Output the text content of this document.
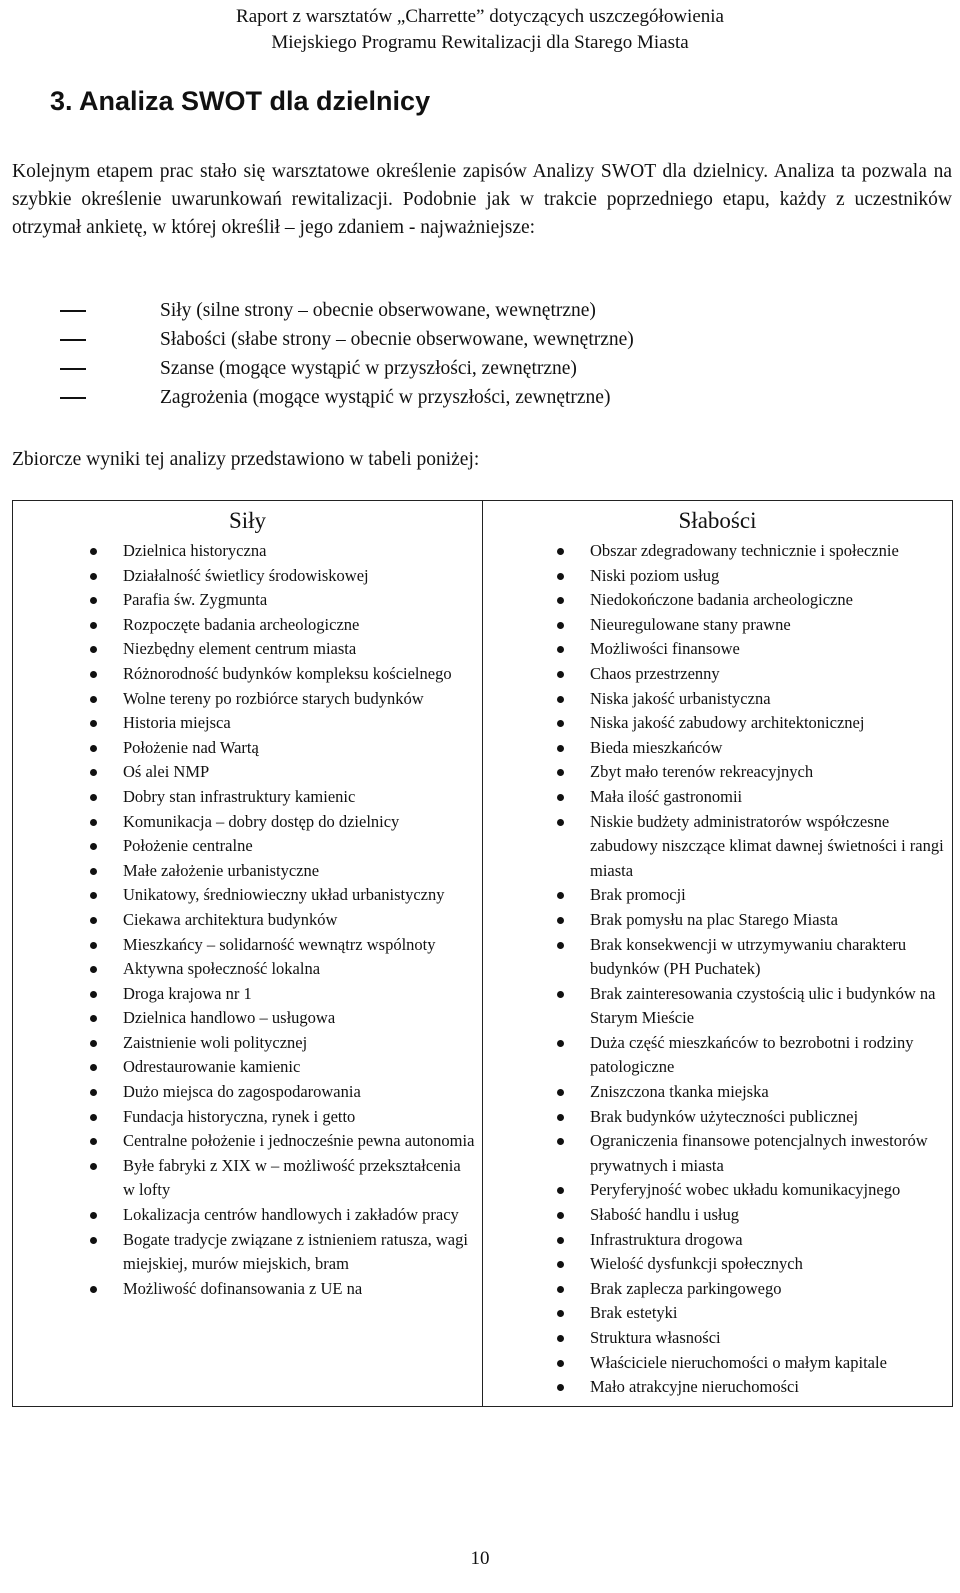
Raport z warsztatów „Charrette” dotyczących uszczegółowienia
Miejskiego Programu Rewitalizacji dla Starego Miasta
3. Analiza SWOT dla dzielnicy

Kolejnym etapem prac stało się warsztatowe określenie zapisów Analizy SWOT dla dzielnicy. Analiza ta pozwala na szybkie określenie uwarunkowań rewitalizacji. Podobnie jak w trakcie poprzedniego etapu, każdy z uczestników otrzymał ankietę, w której określił – jego zdaniem - najważniejsze:

Siły (silne strony – obecnie obserwowane, wewnętrzne)
Słabości (słabe strony – obecnie obserwowane, wewnętrzne)
Szanse (mogące wystąpić w przyszłości, zewnętrzne)
Zagrożenia (mogące wystąpić w przyszłości, zewnętrzne)

Zbiorcze wyniki tej analizy przedstawiono w tabeli poniżej:

Siły
Dzielnica historyczna
Działalność świetlicy środowiskowej
Parafia św. Zygmunta
Rozpoczęte badania archeologiczne
Niezbędny element centrum miasta
Różnorodność budynków kompleksu kościelnego
Wolne tereny po rozbiórce starych budynków
Historia miejsca
Położenie nad Wartą
Oś alei NMP
Dobry stan infrastruktury kamienic
Komunikacja – dobry dostęp do dzielnicy
Położenie centralne
Małe założenie urbanistyczne
Unikatowy, średniowieczny układ urbanistyczny
Ciekawa architektura budynków
Mieszkańcy – solidarność wewnątrz wspólnoty
Aktywna społeczność lokalna
Droga krajowa nr 1
Dzielnica handlowo – usługowa
Zaistnienie woli politycznej
Odrestaurowanie kamienic
Dużo miejsca do zagospodarowania
Fundacja historyczna, rynek i getto
Centralne położenie i jednocześnie pewna autonomia
Byłe fabryki z XIX w – możliwość przekształcenia w lofty
Lokalizacja centrów handlowych i zakładów pracy
Bogate tradycje związane z istnieniem ratusza, wagi miejskiej, murów miejskich, bram
Możliwość dofinansowania z UE na

Słabości
Obszar zdegradowany technicznie i społecznie
Niski poziom usług
Niedokończone badania archeologiczne
Nieuregulowane stany prawne
Możliwości finansowe
Chaos przestrzenny
Niska jakość urbanistyczna
Niska jakość zabudowy architektonicznej
Bieda mieszkańców
Zbyt mało terenów rekreacyjnych
Mała ilość gastronomii
Niskie budżety administratorów współczesne zabudowy niszczące klimat dawnej świetności i rangi miasta
Brak promocji
Brak pomysłu na plac Starego Miasta
Brak konsekwencji w utrzymywaniu charakteru budynków (PH Puchatek)
Brak zainteresowania czystością ulic i budynków na Starym Mieście
Duża część mieszkańców to bezrobotni i rodziny patologiczne
Zniszczona tkanka miejska
Brak budynków użyteczności publicznej
Ograniczenia finansowe potencjalnych inwestorów prywatnych i miasta
Peryferyjność wobec układu komunikacyjnego
Słabość handlu i usług
Infrastruktura drogowa
Wielość dysfunkcji społecznych
Brak zaplecza parkingowego
Brak estetyki
Struktura własności
Właściciele nieruchomości o małym kapitale
Mało atrakcyjne nieruchomości
10
